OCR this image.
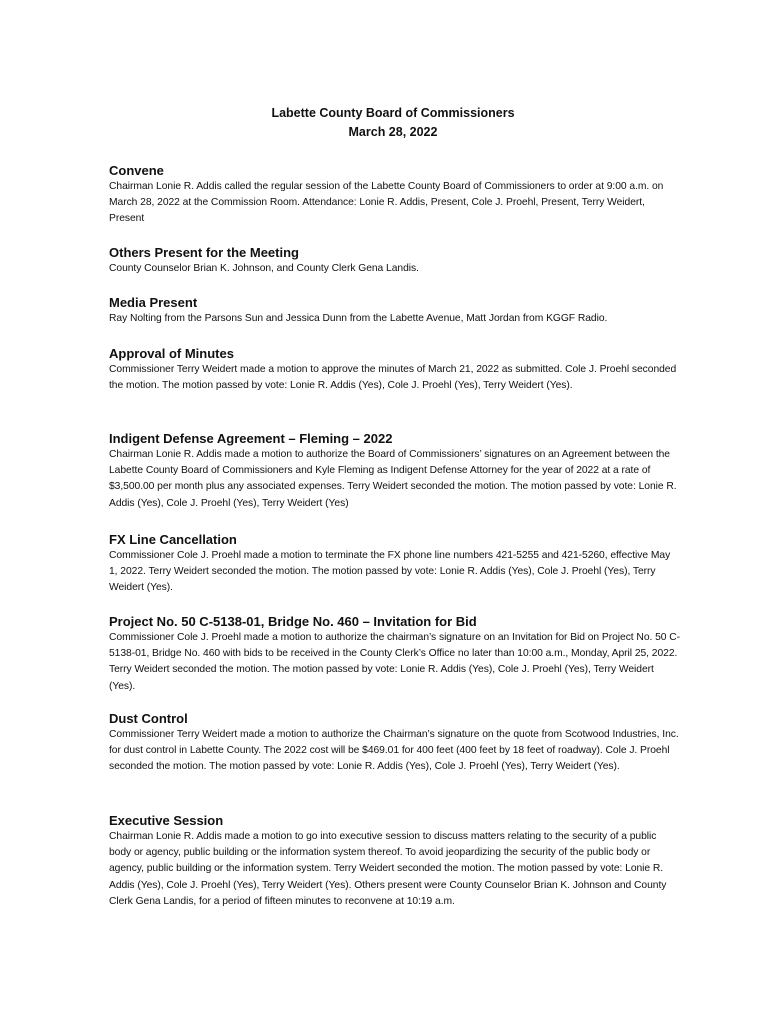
Labette County Board of Commissioners
March 28, 2022
Convene

Chairman Lonie R. Addis called the regular session of the Labette County Board of Commissioners to order at 9:00 a.m. on March 28, 2022 at the Commission Room. Attendance: Lonie R. Addis, Present, Cole J. Proehl, Present, Terry Weidert, Present

Others Present for the Meeting

County Counselor Brian K. Johnson, and County Clerk Gena Landis.

Media Present

Ray Nolting from the Parsons Sun and Jessica Dunn from the Labette Avenue, Matt Jordan from KGGF Radio.

Approval of Minutes

Commissioner Terry Weidert made a motion to approve the minutes of March 21, 2022 as submitted. Cole J. Proehl seconded the motion. The motion passed by vote: Lonie R. Addis (Yes), Cole J. Proehl (Yes), Terry Weidert (Yes).

Indigent Defense Agreement – Fleming – 2022

Chairman Lonie R. Addis made a motion to authorize the Board of Commissioners’ signatures on an Agreement between the Labette County Board of Commissioners and Kyle Fleming as Indigent Defense Attorney for the year of 2022 at a rate of $3,500.00 per month plus any associated expenses. Terry Weidert seconded the motion. The motion passed by vote: Lonie R. Addis (Yes), Cole J. Proehl (Yes), Terry Weidert (Yes)

FX Line Cancellation

Commissioner Cole J. Proehl made a motion to terminate the FX phone line numbers 421-5255 and 421-5260, effective May 1, 2022. Terry Weidert seconded the motion. The motion passed by vote: Lonie R. Addis (Yes), Cole J. Proehl (Yes), Terry Weidert (Yes).

Project No. 50 C-5138-01, Bridge No. 460 – Invitation for Bid

Commissioner Cole J. Proehl made a motion to authorize the chairman’s signature on an Invitation for Bid on Project No. 50 C-5138-01, Bridge No. 460 with bids to be received in the County Clerk’s Office no later than 10:00 a.m., Monday, April 25, 2022. Terry Weidert seconded the motion. The motion passed by vote: Lonie R. Addis (Yes), Cole J. Proehl (Yes), Terry Weidert (Yes).

Dust Control

Commissioner Terry Weidert made a motion to authorize the Chairman’s signature on the quote from Scotwood Industries, Inc. for dust control in Labette County. The 2022 cost will be $469.01 for 400 feet (400 feet by 18 feet of roadway). Cole J. Proehl seconded the motion. The motion passed by vote: Lonie R. Addis (Yes), Cole J. Proehl (Yes), Terry Weidert (Yes).

Executive Session

Chairman Lonie R. Addis made a motion to go into executive session to discuss matters relating to the security of a public body or agency, public building or the information system thereof. To avoid jeopardizing the security of the public body or agency, public building or the information system. Terry Weidert seconded the motion. The motion passed by vote: Lonie R. Addis (Yes), Cole J. Proehl (Yes), Terry Weidert (Yes). Others present were County Counselor Brian K. Johnson and County Clerk Gena Landis, for a period of fifteen minutes to reconvene at 10:19 a.m.
